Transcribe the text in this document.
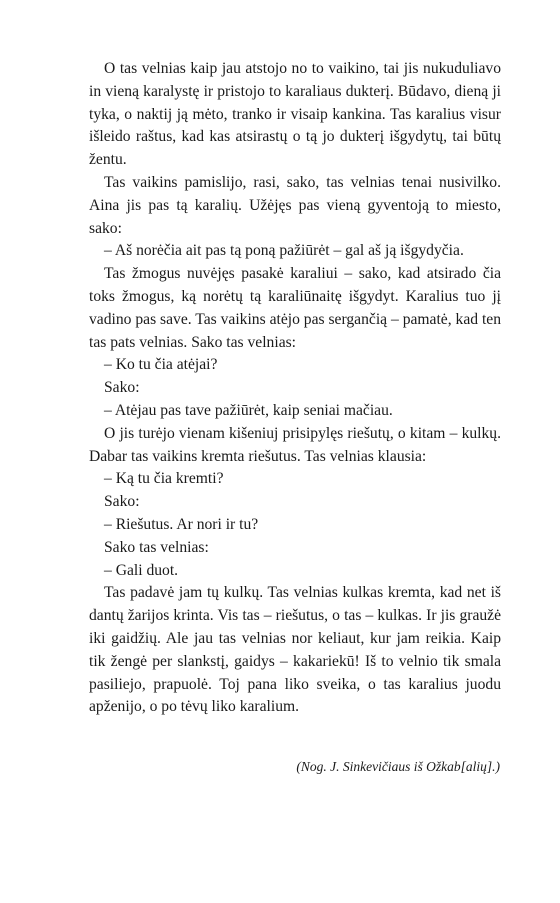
O tas velnias kaip jau atstojo no to vaikino, tai jis nukuduliavo in vieną karalystę ir pristojo to karaliaus dukterį. Būdavo, dieną ji tyka, o naktij ją mėto, tranko ir visaip kankina. Tas karalius visur išleido raštus, kad kas atsirastų o tą jo dukterį išgydytų, tai būtų žentu.

Tas vaikins pamislijo, rasi, sako, tas velnias tenai nusivilko. Aina jis pas tą karalių. Užėjęs pas vieną gyventoją to miesto, sako:

– Aš norėčia ait pas tą poną pažiūrėt – gal aš ją išgydyčia.

Tas žmogus nuvėjęs pasakė karaliui – sako, kad atsirado čia toks žmogus, ką norėtų tą karaliūnaitę išgydyt. Karalius tuo jį vadino pas save. Tas vaikins atėjo pas sergančią – pamatė, kad ten tas pats velnias. Sako tas velnias:

– Ko tu čia atėjai?

Sako:

– Atėjau pas tave pažiūrėt, kaip seniai mačiau.

O jis turėjo vienam kišeniuj prisipylęs riešutų, o kitam – kulkų. Dabar tas vaikins kremta riešutus. Tas velnias klausia:

– Ką tu čia kremti?

Sako:

– Riešutus. Ar nori ir tu?

Sako tas velnias:

– Gali duot.

Tas padavė jam tų kulkų. Tas velnias kulkas kremta, kad net iš dantų žarijos krinta. Vis tas – riešutus, o tas – kulkas. Ir jis graužė iki gaidžių. Ale jau tas velnias nor keliaut, kur jam reikia. Kaip tik žengė per slankstį, gaidys – kakariekū! Iš to velnio tik smala pasiliejo, prapuolė. Toj pana liko sveika, o tas karalius juodu apženijo, o po tėvų liko karalium.

(Nog. J. Sinkevičiaus iš Ožkab[alių].)
